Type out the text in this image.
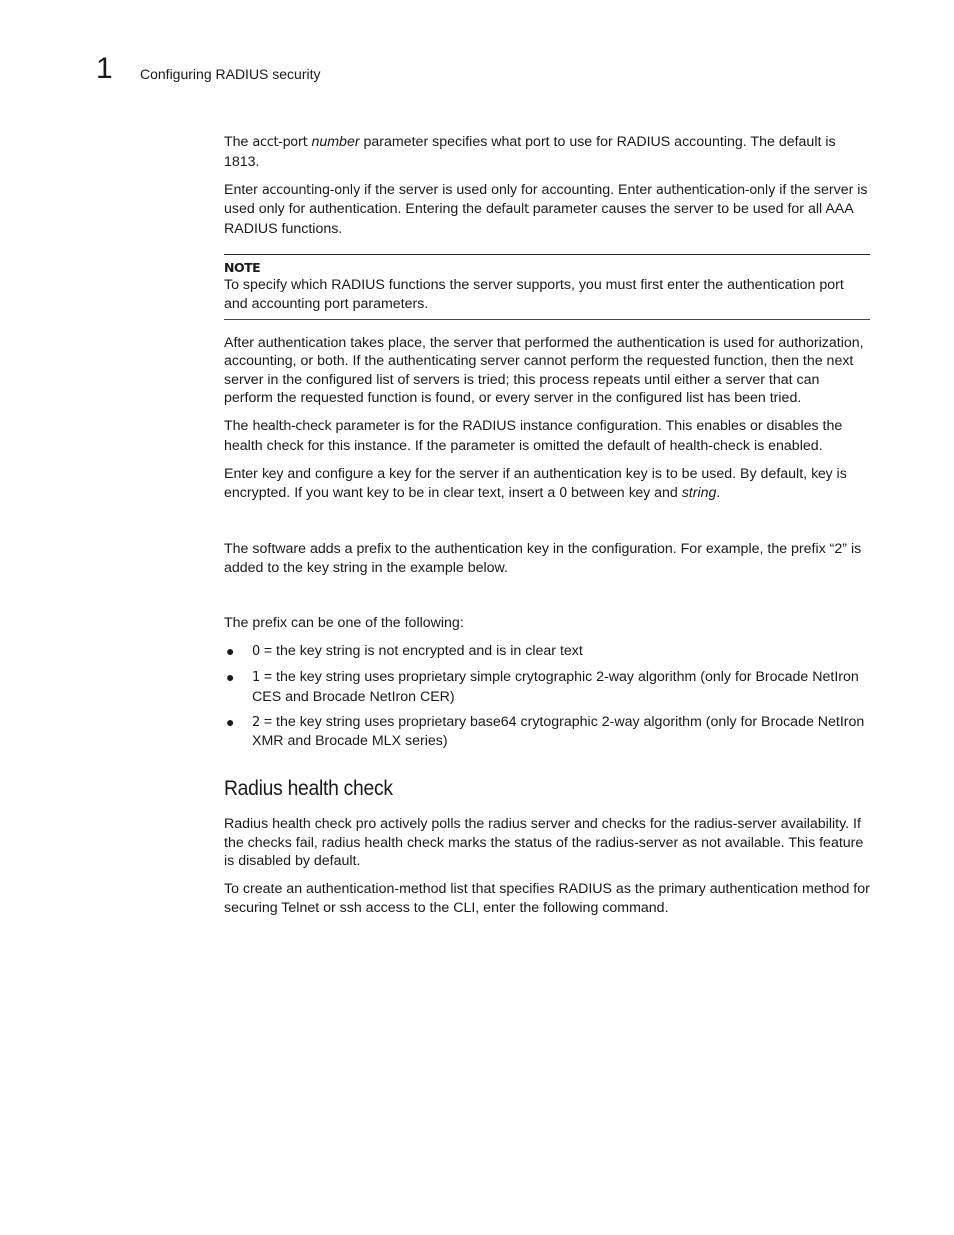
1 Configuring RADIUS security

The acct-port number parameter specifies what port to use for RADIUS accounting. The default is 1813.

Enter accounting-only if the server is used only for accounting. Enter authentication-only if the server is used only for authentication. Entering the default parameter causes the server to be used for all AAA RADIUS functions.

NOTE
To specify which RADIUS functions the server supports, you must first enter the authentication port and accounting port parameters.

After authentication takes place, the server that performed the authentication is used for authorization, accounting, or both. If the authenticating server cannot perform the requested function, then the next server in the configured list of servers is tried; this process repeats until either a server that can perform the requested function is found, or every server in the configured list has been tried.

The health-check parameter is for the RADIUS instance configuration. This enables or disables the health check for this instance. If the parameter is omitted the default of health-check is enabled.

Enter key and configure a key for the server if an authentication key is to be used. By default, key is encrypted. If you want key to be in clear text, insert a 0 between key and string.

The software adds a prefix to the authentication key in the configuration. For example, the prefix “2” is added to the key string in the example below.

The prefix can be one of the following:

● 0 = the key string is not encrypted and is in clear text
● 1 = the key string uses proprietary simple crytographic 2-way algorithm (only for Brocade NetIron CES and Brocade NetIron CER)
● 2 = the key string uses proprietary base64 crytographic 2-way algorithm (only for Brocade NetIron XMR and Brocade MLX series)
Radius health check

Radius health check pro actively polls the radius server and checks for the radius-server availability. If the checks fail, radius health check marks the status of the radius-server as not available. This feature is disabled by default.

To create an authentication-method list that specifies RADIUS as the primary authentication method for securing Telnet or ssh access to the CLI, enter the following command.
